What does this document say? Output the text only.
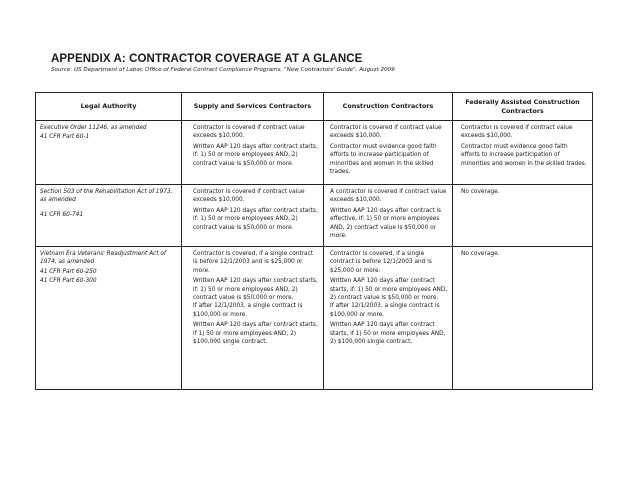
APPENDIX A: CONTRACTOR COVERAGE AT A GLANCE
Source: US Department of Labor, Office of Federal Contract Compliance Programs, "New Contractors' Guide", August 2009
Legal Authority	Supply and Services Contractors	Construction Contractors
Federally Assisted Construction Contractors

Executive Order 11246, as amended

41 CFR Part 60-1

Contractor is covered if contract value exceeds $10,000.

Written AAP 120 days after contract starts, if: 1) 50 or more employees AND, 2) contract value is $50,000 or more.

Contractor is covered if contract value exceeds $10,000.

Contractor must evidence good faith efforts to increase participation of minorities and women in the skilled trades.

Contractor is covered if contract value exceeds $10,000.

Contractor must evidence good faith efforts to increase participation of minorities and women in the skilled trades.

Section 503 of the Rehabilitation Act of 1973, as amended

41 CFR 60-741

Contractor is covered if contract value exceeds $10,000.

Written AAP 120 days after contract starts, if: 1) 50 or more employees AND, 2) contract value is $50,000 or more.

A contractor is covered if contract value exceeds $10,000.

Written AAP 120 days after contract is effective, if: 1) 50 or more employees AND, 2) contract value is $50,000 or more.

No coverage.

Vietnam Era Veterans' Readjustment Act of 1974, as amended

41 CFR Part 60-250

41 CFR Part 60-300

Contractor is covered, if a single contract is before 12/1/2003 and is $25,000 or more.

Written AAP 120 days after contract starts, if: 1) 50 or more employees AND, 2) contract value is $50,000 or more.

If after 12/1/2003, a single contract is $100,000 or more.

Written AAP 120 days after contract starts, if 1) 50 or more employees AND, 2) $100,000 single contract.

Contractor is covered, if a single contract is before 12/1/2003 and is $25,000 or more.

Written AAP 120 days after contract starts, if: 1) 50 or more employees AND, 2) contract value is $50,000 or more.

If after 12/1/2003, a single contract is $100,000 or more.

Written AAP 120 days after contract starts, if 1) 50 or more employees AND, 2) $100,000 single contract.

No coverage.
